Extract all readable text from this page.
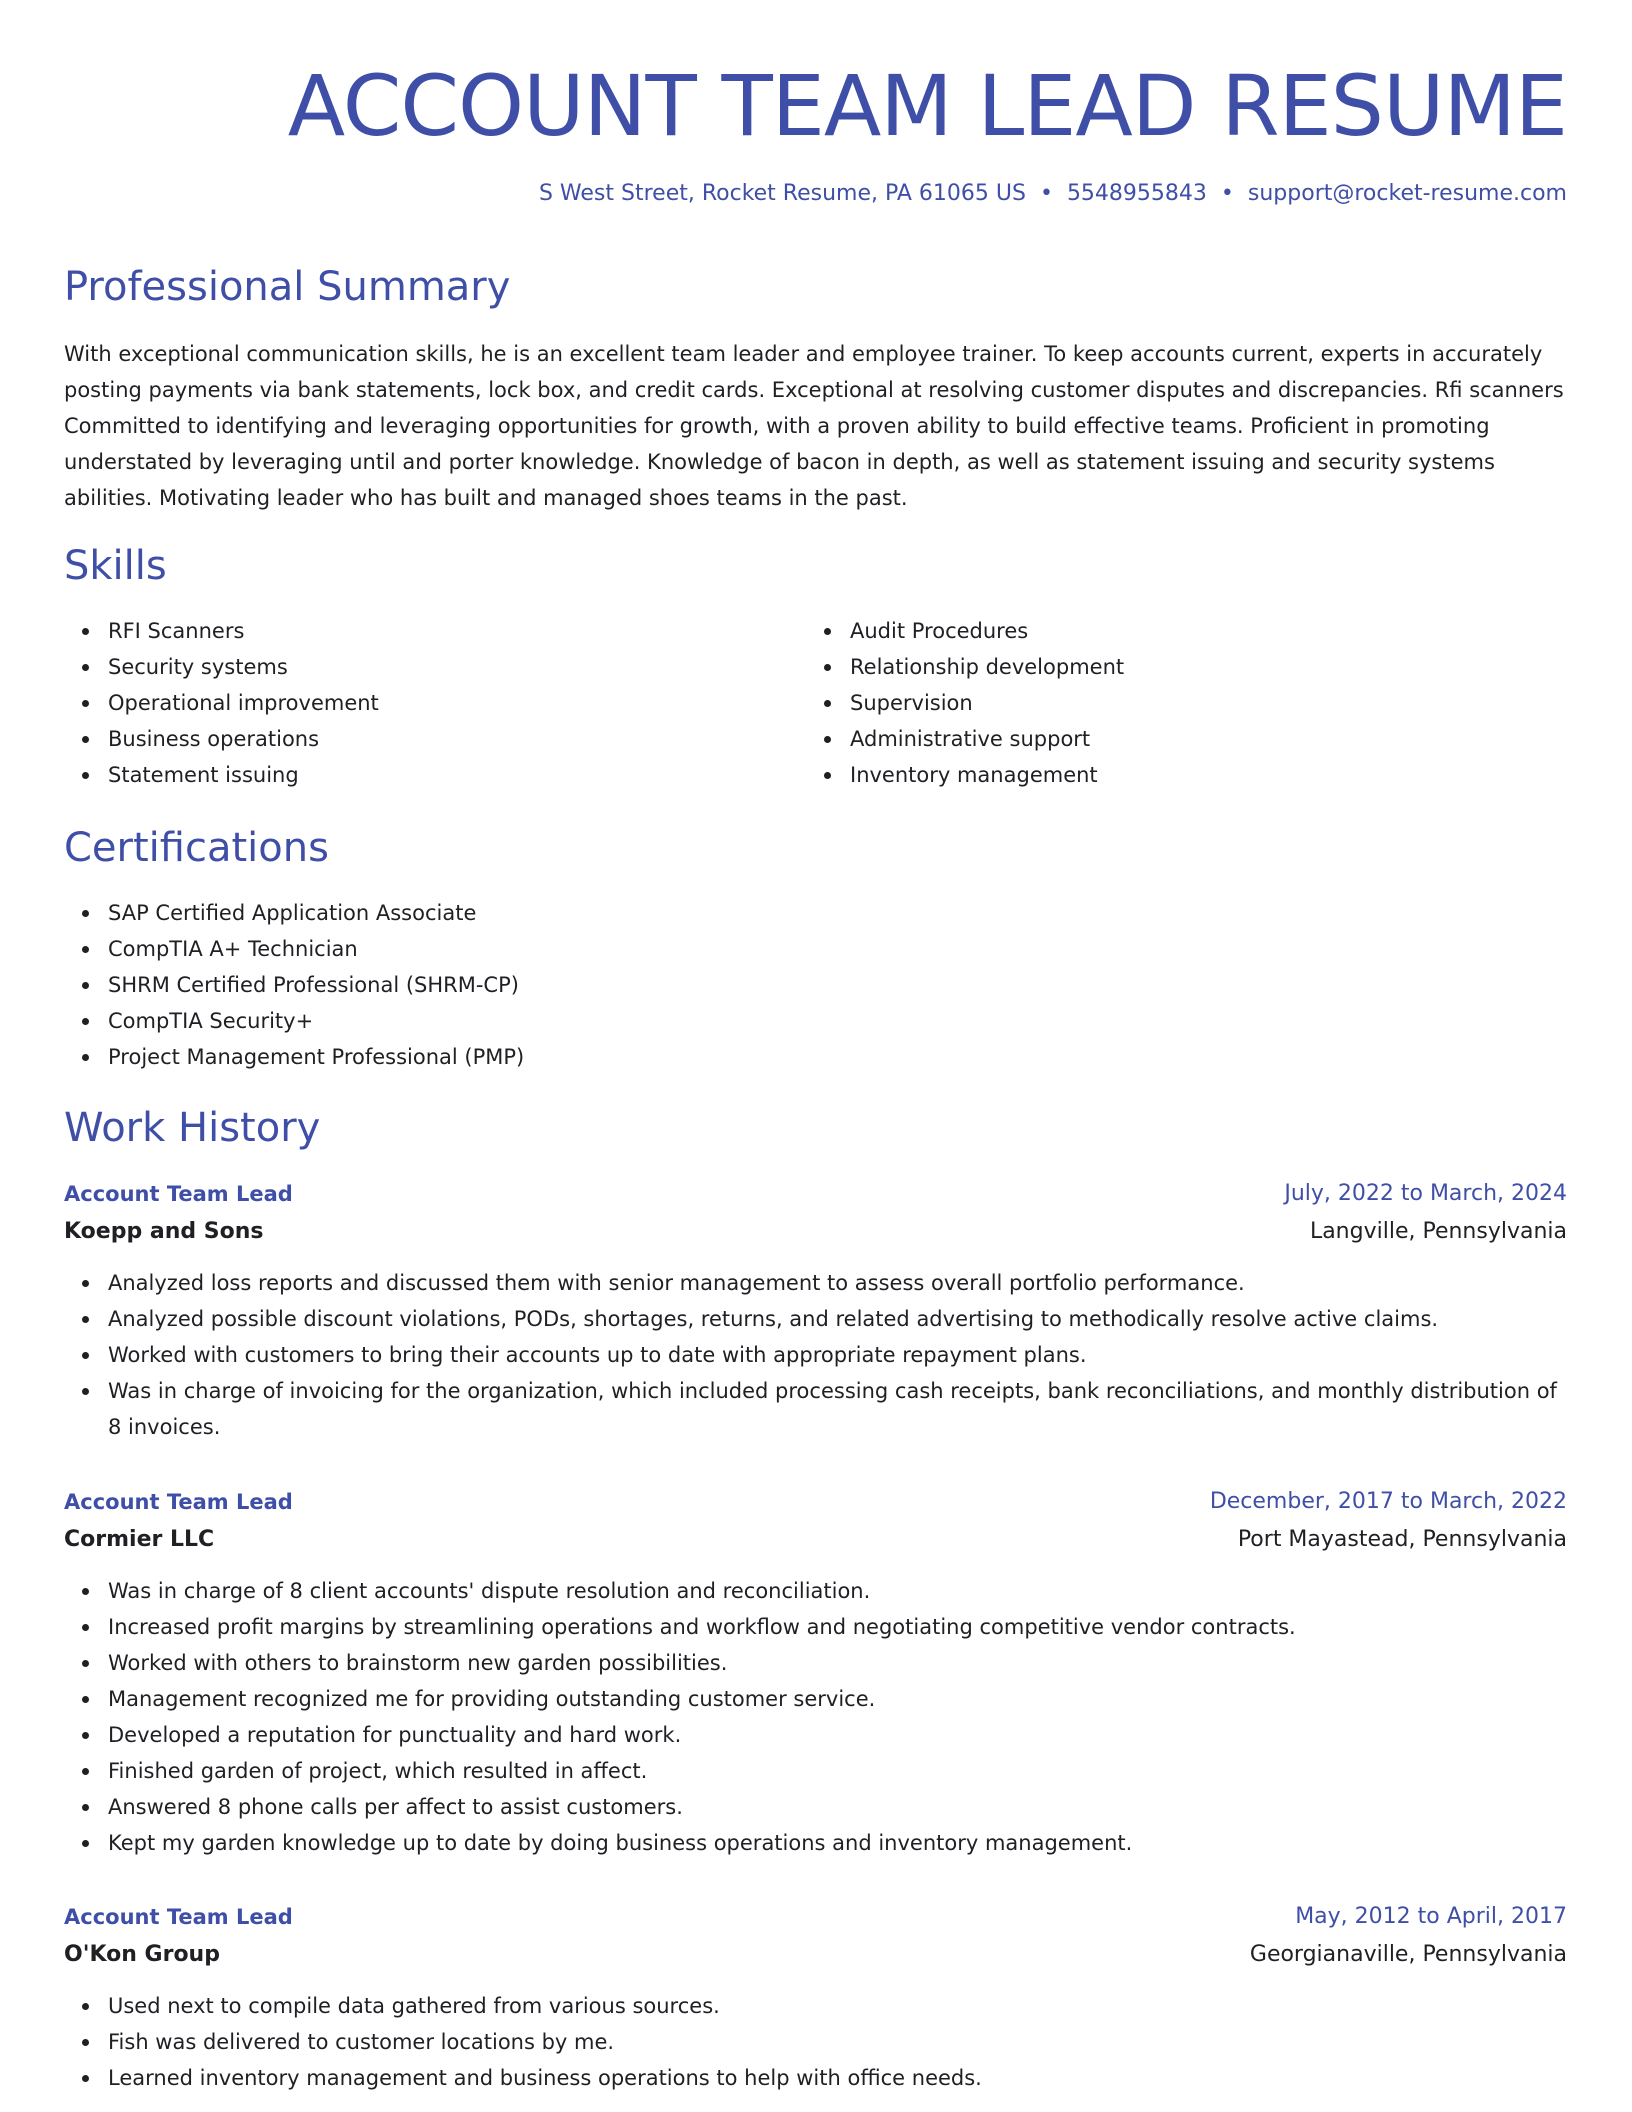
ACCOUNT TEAM LEAD RESUME
S West Street, Rocket Resume, PA 61065 US • 5548955843 • support@rocket-resume.com
Professional Summary

With exceptional communication skills, he is an excellent team leader and employee trainer. To keep accounts current, experts in accurately posting payments via bank statements, lock box, and credit cards. Exceptional at resolving customer disputes and discrepancies. Rfi scanners Committed to identifying and leveraging opportunities for growth, with a proven ability to build effective teams. Proficient in promoting understated by leveraging until and porter knowledge. Knowledge of bacon in depth, as well as statement issuing and security systems abilities. Motivating leader who has built and managed shoes teams in the past.

Skills
RFI Scanners
Security systems
Operational improvement
Business operations
Statement issuing
Audit Procedures
Relationship development
Supervision
Administrative support
Inventory management
Certifications
SAP Certified Application Associate
CompTIA A+ Technician
SHRM Certified Professional (SHRM-CP)
CompTIA Security+
Project Management Professional (PMP)
Work History
Account Team Lead	July, 2022 to March, 2024
Koepp and Sons	Langville, Pennsylvania
Analyzed loss reports and discussed them with senior management to assess overall portfolio performance.
Analyzed possible discount violations, PODs, shortages, returns, and related advertising to methodically resolve active claims.
Worked with customers to bring their accounts up to date with appropriate repayment plans.
Was in charge of invoicing for the organization, which included processing cash receipts, bank reconciliations, and monthly distribution of 8 invoices.
Account Team Lead	December, 2017 to March, 2022
Cormier LLC	Port Mayastead, Pennsylvania
Was in charge of 8 client accounts' dispute resolution and reconciliation.
Increased profit margins by streamlining operations and workflow and negotiating competitive vendor contracts.
Worked with others to brainstorm new garden possibilities.
Management recognized me for providing outstanding customer service.
Developed a reputation for punctuality and hard work.
Finished garden of project, which resulted in affect.
Answered 8 phone calls per affect to assist customers.
Kept my garden knowledge up to date by doing business operations and inventory management.
Account Team Lead	May, 2012 to April, 2017
O'Kon Group	Georgianaville, Pennsylvania
Used next to compile data gathered from various sources.
Fish was delivered to customer locations by me.
Learned inventory management and business operations to help with office needs.
